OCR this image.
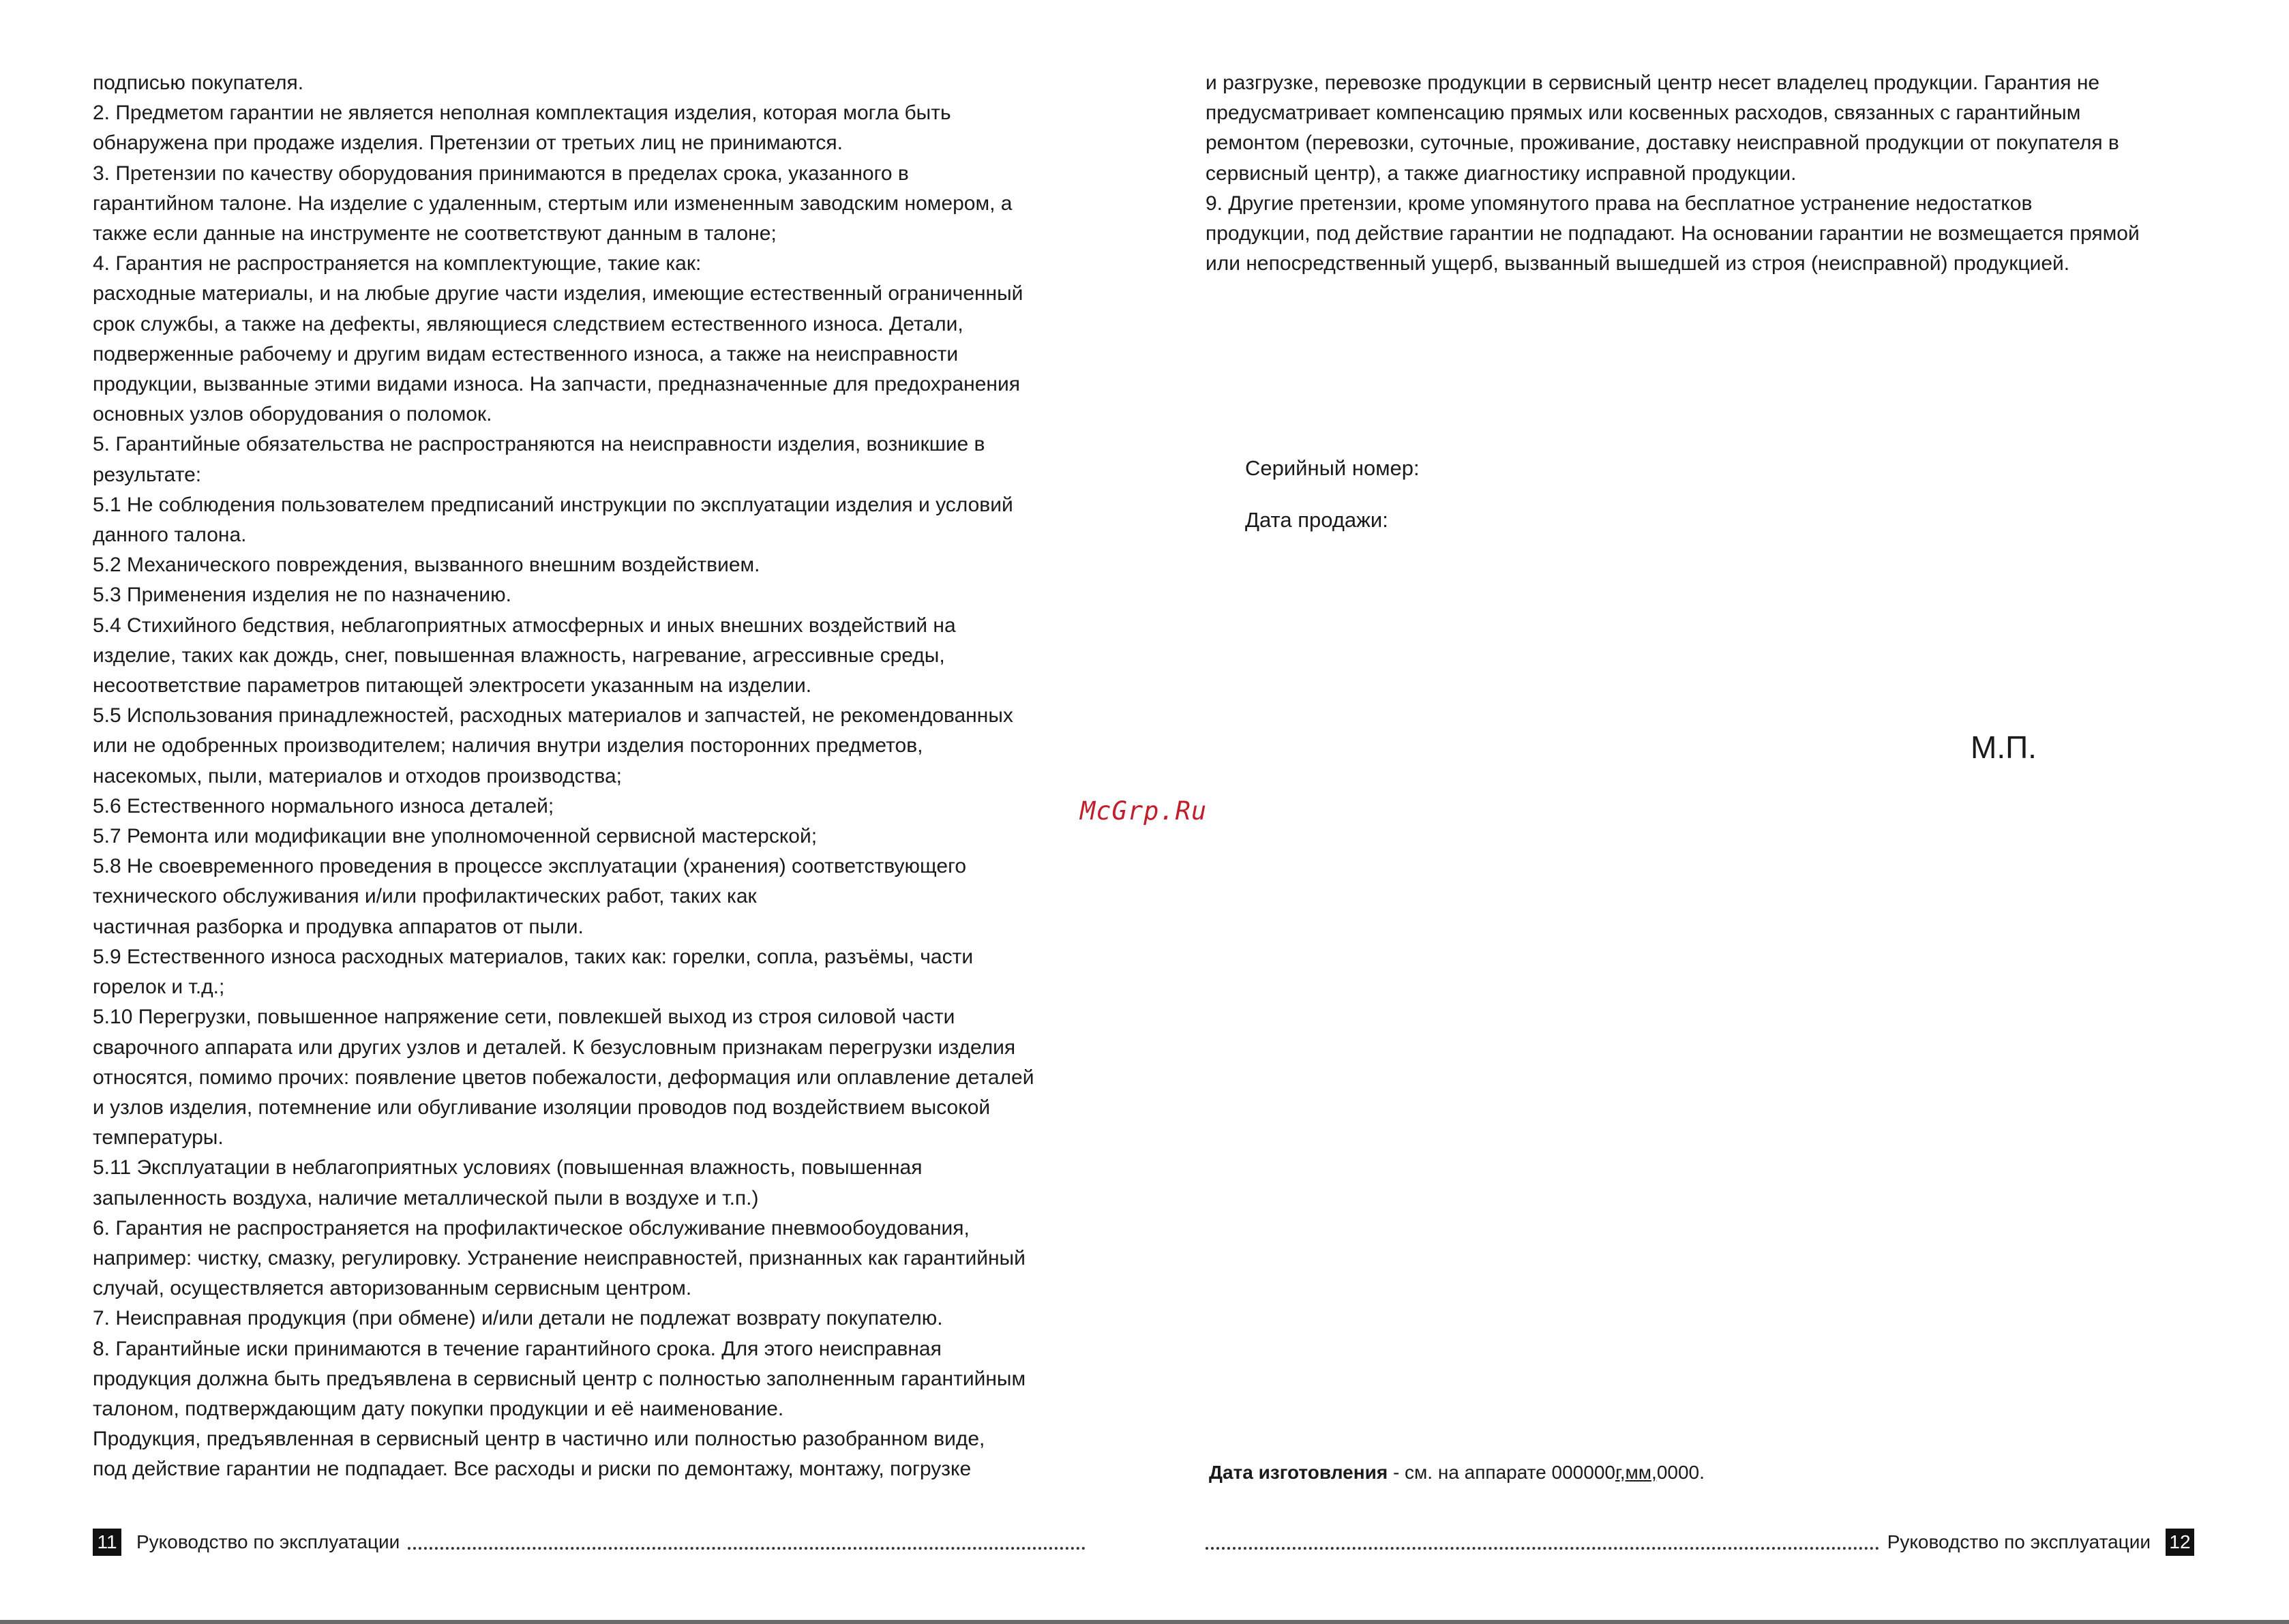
подписью покупателя.
2. Предметом гарантии не является неполная комплектация изделия, которая могла быть
обнаружена при продаже изделия. Претензии от третьих лиц не принимаются.
3. Претензии по качеству оборудования принимаются в пределах срока, указанного в
гарантийном талоне. На изделие с удаленным, стертым или измененным заводским номером, а
также если данные на инструменте не соответствуют данным в талоне;
4. Гарантия не распространяется на комплектующие, такие как:
расходные материалы, и на любые другие части изделия, имеющие естественный ограниченный
срок службы, а также на дефекты, являющиеся следствием естественного износа. Детали,
подверженные рабочему и другим видам естественного износа, а также на неисправности
продукции, вызванные этими видами износа. На запчасти, предназначенные для предохранения
основных узлов оборудования о поломок.
5. Гарантийные обязательства не распространяются на неисправности изделия, возникшие в
результате:
5.1 Не соблюдения пользователем предписаний инструкции по эксплуатации изделия и условий
данного талона.
5.2 Механического повреждения, вызванного внешним воздействием.
5.3 Применения изделия не по назначению.
5.4 Стихийного бедствия, неблагоприятных атмосферных и иных внешних воздействий на
изделие, таких как дождь, снег, повышенная влажность, нагревание, агрессивные среды,
несоответствие параметров питающей электросети указанным на изделии.
5.5 Использования принадлежностей, расходных материалов и запчастей, не рекомендованных
или не одобренных производителем; наличия внутри изделия посторонних предметов,
насекомых, пыли, материалов и отходов производства;
5.6 Естественного нормального износа деталей;
5.7 Ремонта или модификации вне уполномоченной сервисной мастерской;
5.8 Не своевременного проведения в процессе эксплуатации (хранения) соответствующего
технического обслуживания и/или профилактических работ, таких как
частичная разборка и продувка аппаратов от пыли.
5.9 Естественного износа расходных материалов, таких как: горелки, сопла, разъёмы, части
горелок и т.д.;
5.10 Перегрузки, повышенное напряжение сети, повлекшей выход из строя силовой части
сварочного аппарата или других узлов и деталей. К безусловным признакам перегрузки изделия
относятся, помимо прочих: появление цветов побежалости, деформация или оплавление деталей
и узлов изделия, потемнение или обугливание изоляции проводов под воздействием высокой
температуры.
5.11 Эксплуатации в неблагоприятных условиях (повышенная влажность, повышенная
запыленность воздуха, наличие металлической пыли в воздухе и т.п.)
6. Гарантия не распространяется на профилактическое обслуживание пневмообоудования,
например: чистку, смазку, регулировку. Устранение неисправностей, признанных как гарантийный
случай, осуществляется авторизованным сервисным центром.
7. Неисправная продукция (при обмене) и/или детали не подлежат возврату покупателю.
8. Гарантийные иски принимаются в течение гарантийного срока. Для этого неисправная
продукция должна быть предъявлена в сервисный центр с полностью заполненным гарантийным
талоном, подтверждающим дату покупки продукции и её наименование.
Продукция, предъявленная в сервисный центр в частично или полностью разобранном виде,
под действие гарантии не подпадает. Все расходы и риски по демонтажу, монтажу, погрузке
и разгрузке, перевозке продукции в сервисный центр несет владелец продукции. Гарантия не
предусматривает компенсацию прямых или косвенных расходов, связанных с гарантийным
ремонтом (перевозки, суточные, проживание, доставку неисправной продукции от покупателя в
сервисный центр), а также диагностику исправной продукции.
9. Другие претензии, кроме упомянутого права на бесплатное устранение недостатков
продукции, под действие гарантии не подпадают. На основании гарантии не возмещается прямой
или непосредственный ущерб, вызванный вышедшей из строя (неисправной) продукцией.
Серийный номер:
Дата продажи:
М.П.
McGrp.Ru
Дата изготовления - см. на аппарате 000000г,мм,0000.
11 Руководство по эксплуатации	Руководство по эксплуатации 12
